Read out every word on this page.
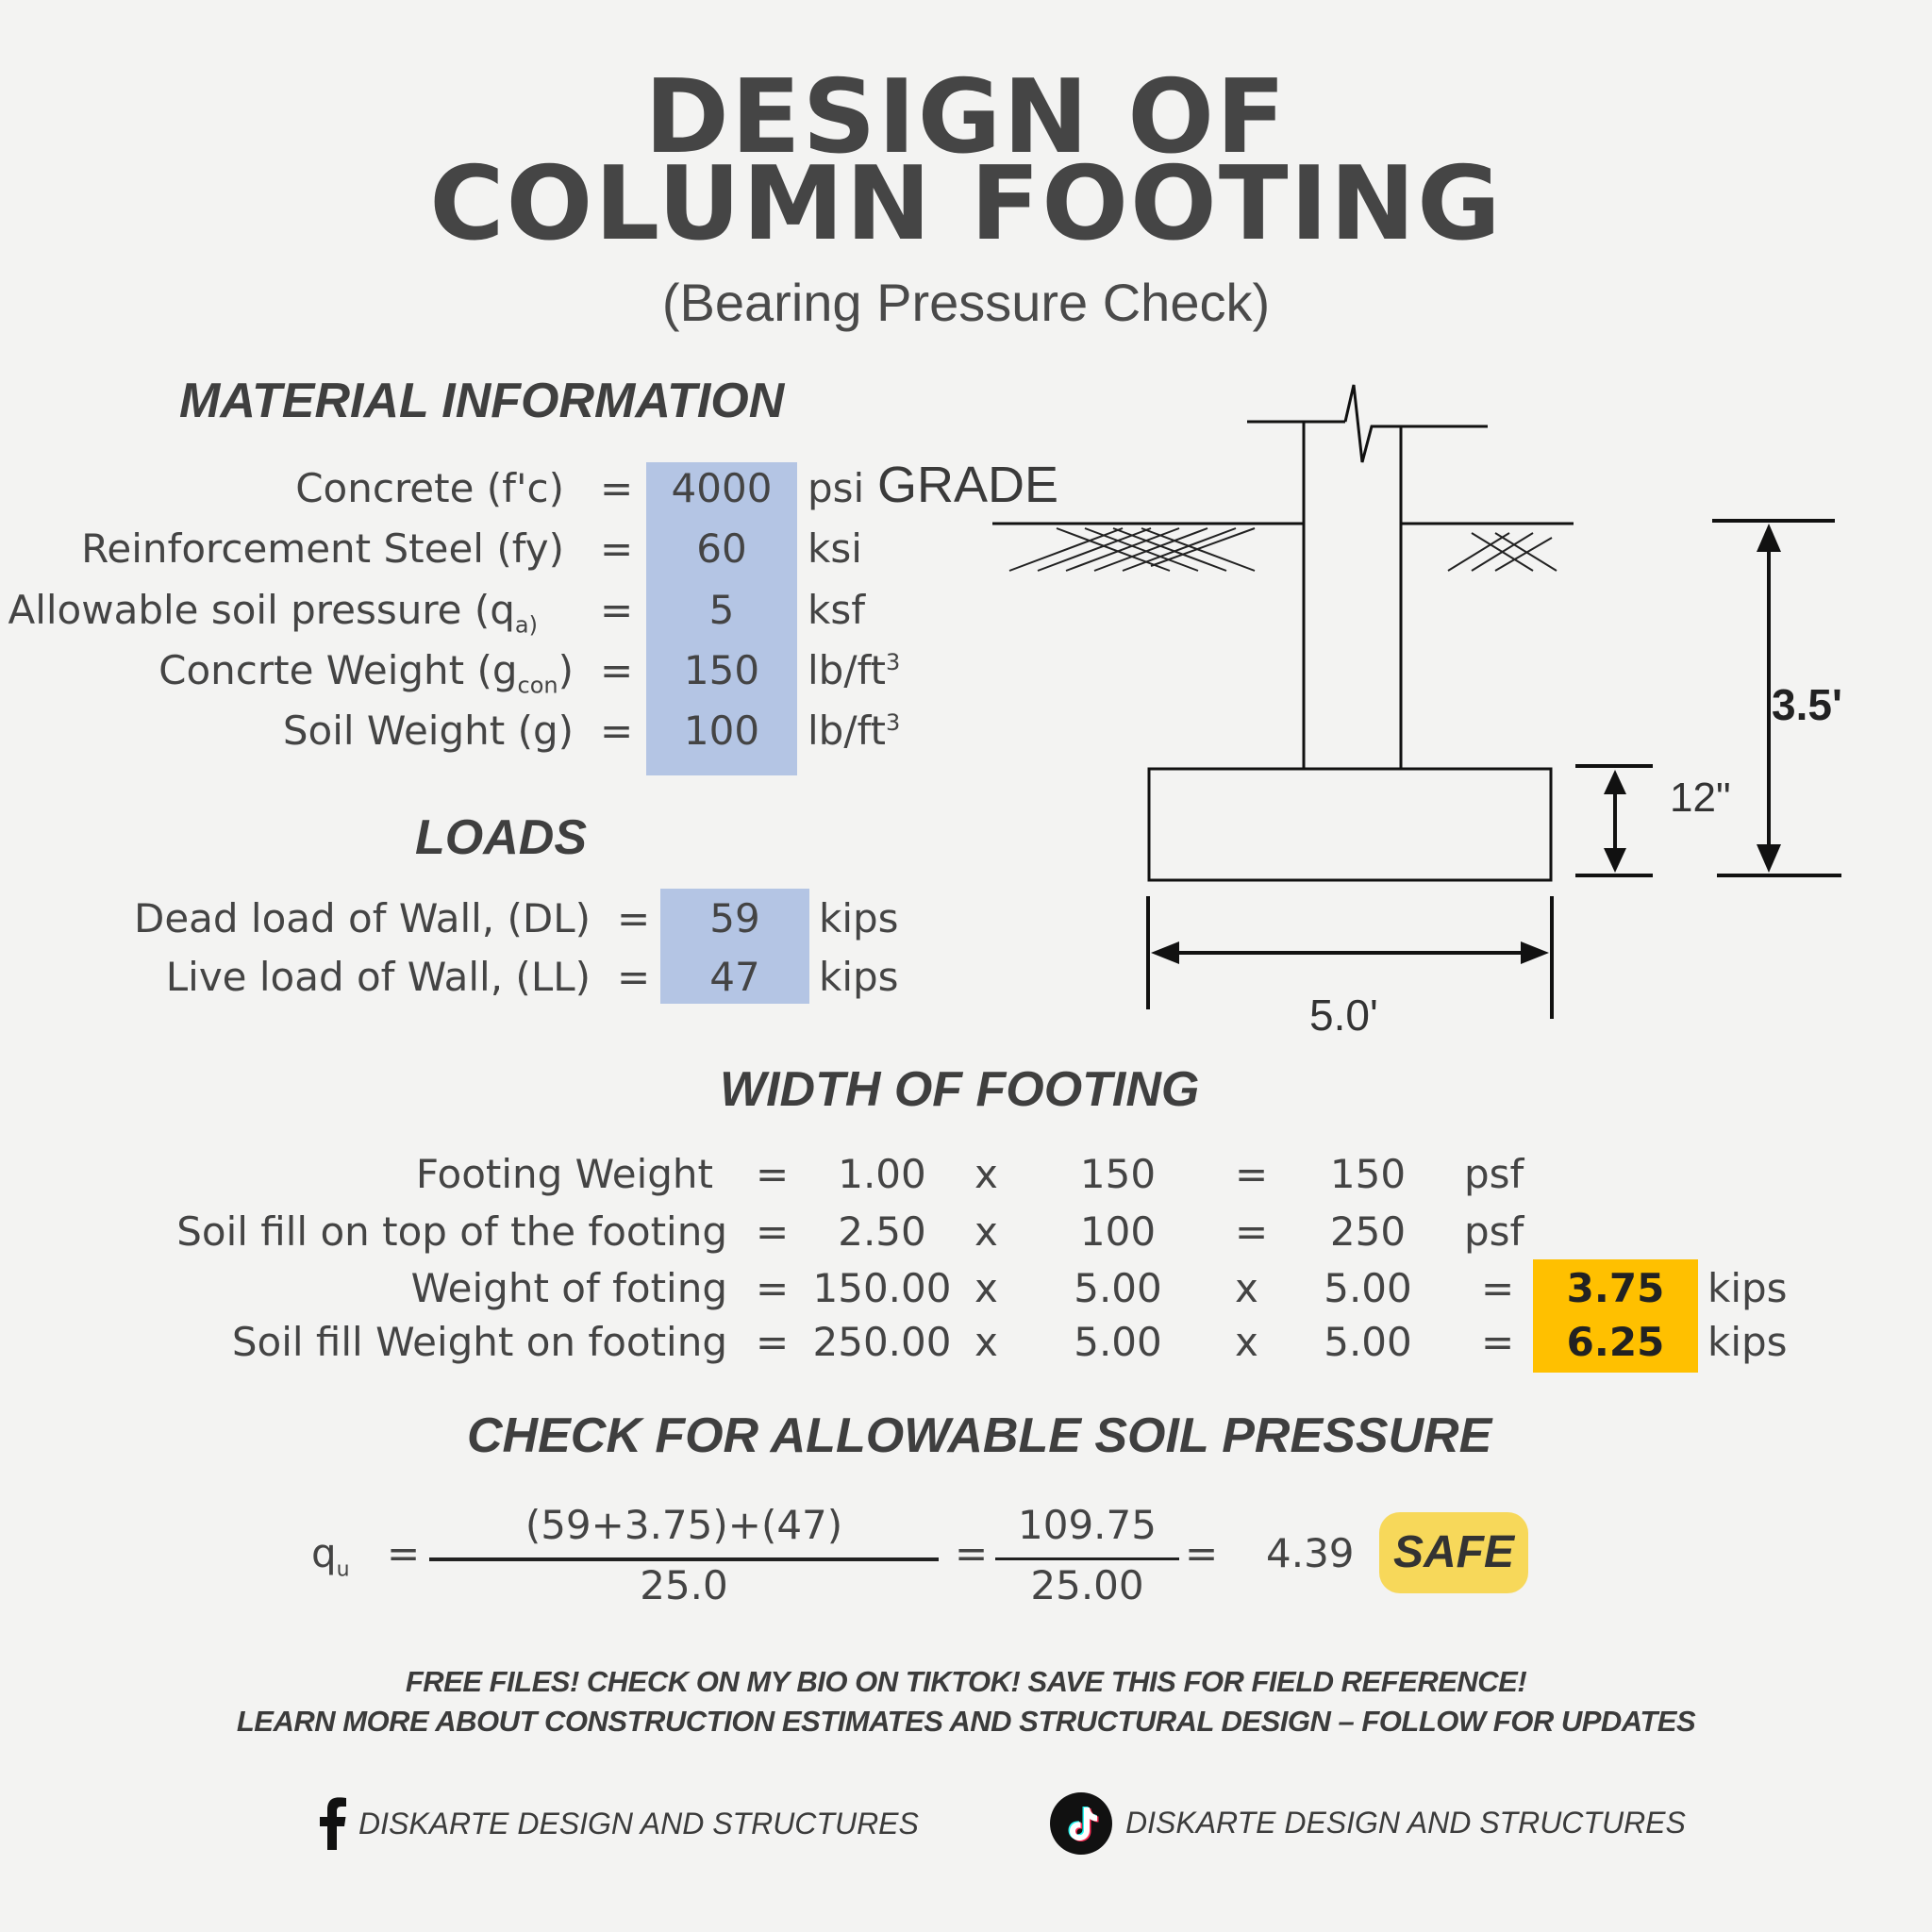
DESIGN OF
COLUMN FOOTING
(Bearing Pressure Check)
MATERIAL INFORMATION
Concrete (f'c) = 4000 psi
Reinforcement Steel (fy) =	60	ksi
Allowable soil pressure ($q_{a)}$ =	5	ksf
Concrte Weight $(g_{con})$ =	150	$lb/ft^3$
Soil Weight (g) =	100	$lb/ft^3$
LOADS
Dead load of Wall, (DL) =	59	kips
Live load of Wall, (LL) =	47	kips
3.5'
12"
5.0'
GRADE
WIDTH OF FOOTING
Footing Weight =	1.00	x	150	=	150	psf
Soil fill on top of the footing =	2.50	x	100	=	250	psf
Weight of foting = 150.00 x	5.00	x	5.00	=	3.75	kips
Soil fill Weight on footing = 250.00 x	5.00	x	5.00	=	6.25	kips
CHECK FOR ALLOWABLE SOIL PRESSURE
$q_u$ =
(59+3.75)+(47)
25.0
=
109.75
25.00
= 4.39 SAFE
FREE FILES! CHECK ON MY BIO ON TIKTOK! SAVE THIS FOR FIELD REFERENCE!
LEARN MORE ABOUT CONSTRUCTION ESTIMATES AND STRUCTURAL DESIGN – FOLLOW FOR UPDATES
DISKARTE DESIGN AND STRUCTURES	DISKARTE DESIGN AND STRUCTURES
